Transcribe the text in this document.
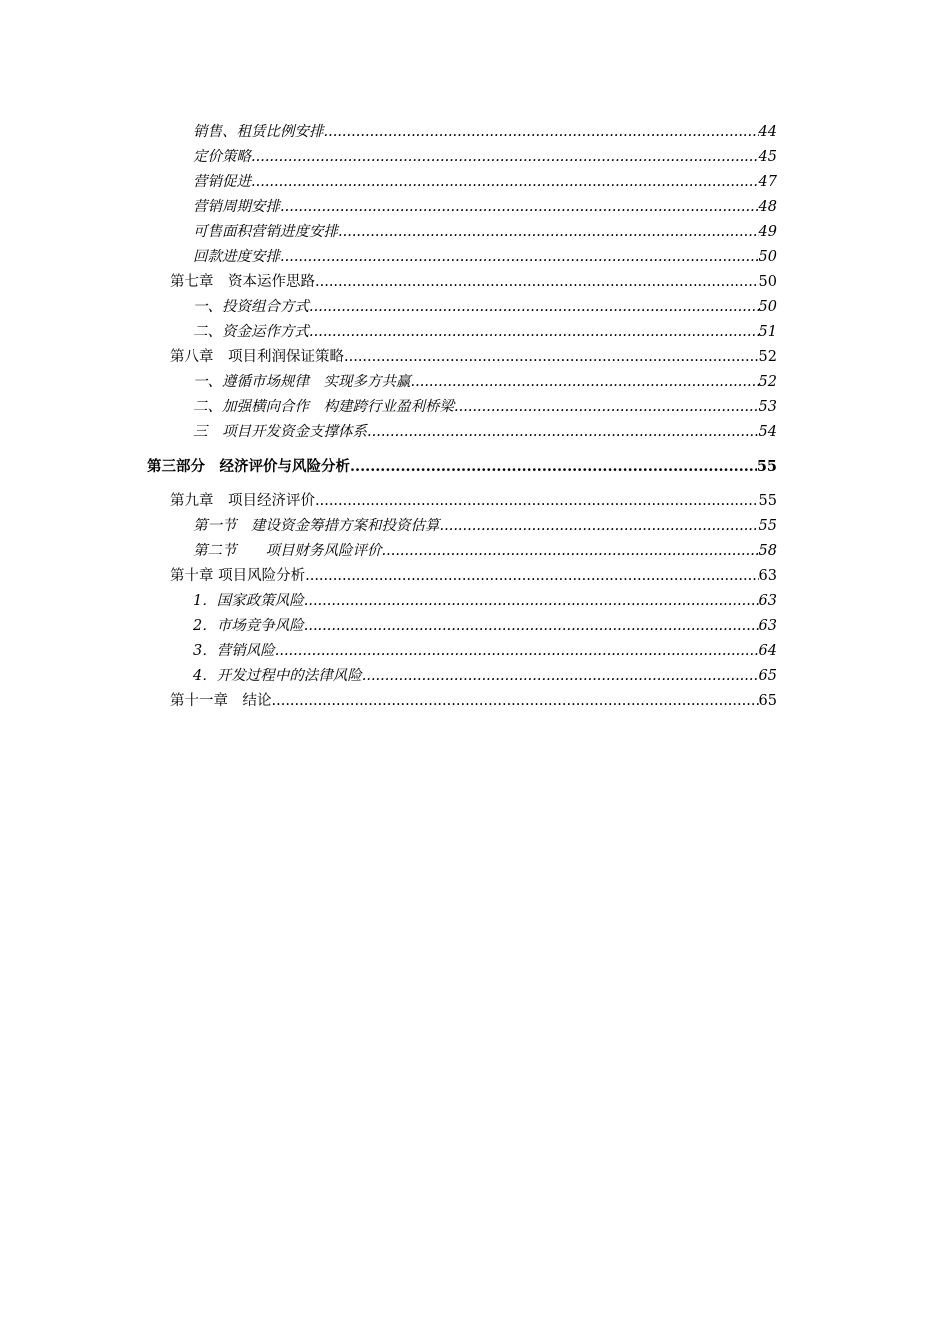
销售、租赁比例安排 .....	44
定价策略 .....	45
营销促进 .....	47
营销周期安排 .....	48
可售面积营销进度安排 .....	49
回款进度安排 .....	50
第七章　资本运作思路 .....	50
一、投资组合方式 .....	50
二、资金运作方式 .....	51
第八章　项目利润保证策略 .....	52
一、遵循市场规律　实现多方共赢 .....	52
二、加强横向合作　构建跨行业盈利桥梁 .....	53
三　项目开发资金支撑体系 .....	54
第三部分　经济评价与风险分析 .....	55
第九章　项目经济评价 .....	55
第一节　建设资金筹措方案和投资估算 .....	55
第二节　　项目财务风险评价 .....	58
第十章 项目风险分析 .....	63
1．国家政策风险 .....	63
2．市场竞争风险 .....	63
3．营销风险 .....	64
4．开发过程中的法律风险 .....	65
第十一章　结论 .....	65
